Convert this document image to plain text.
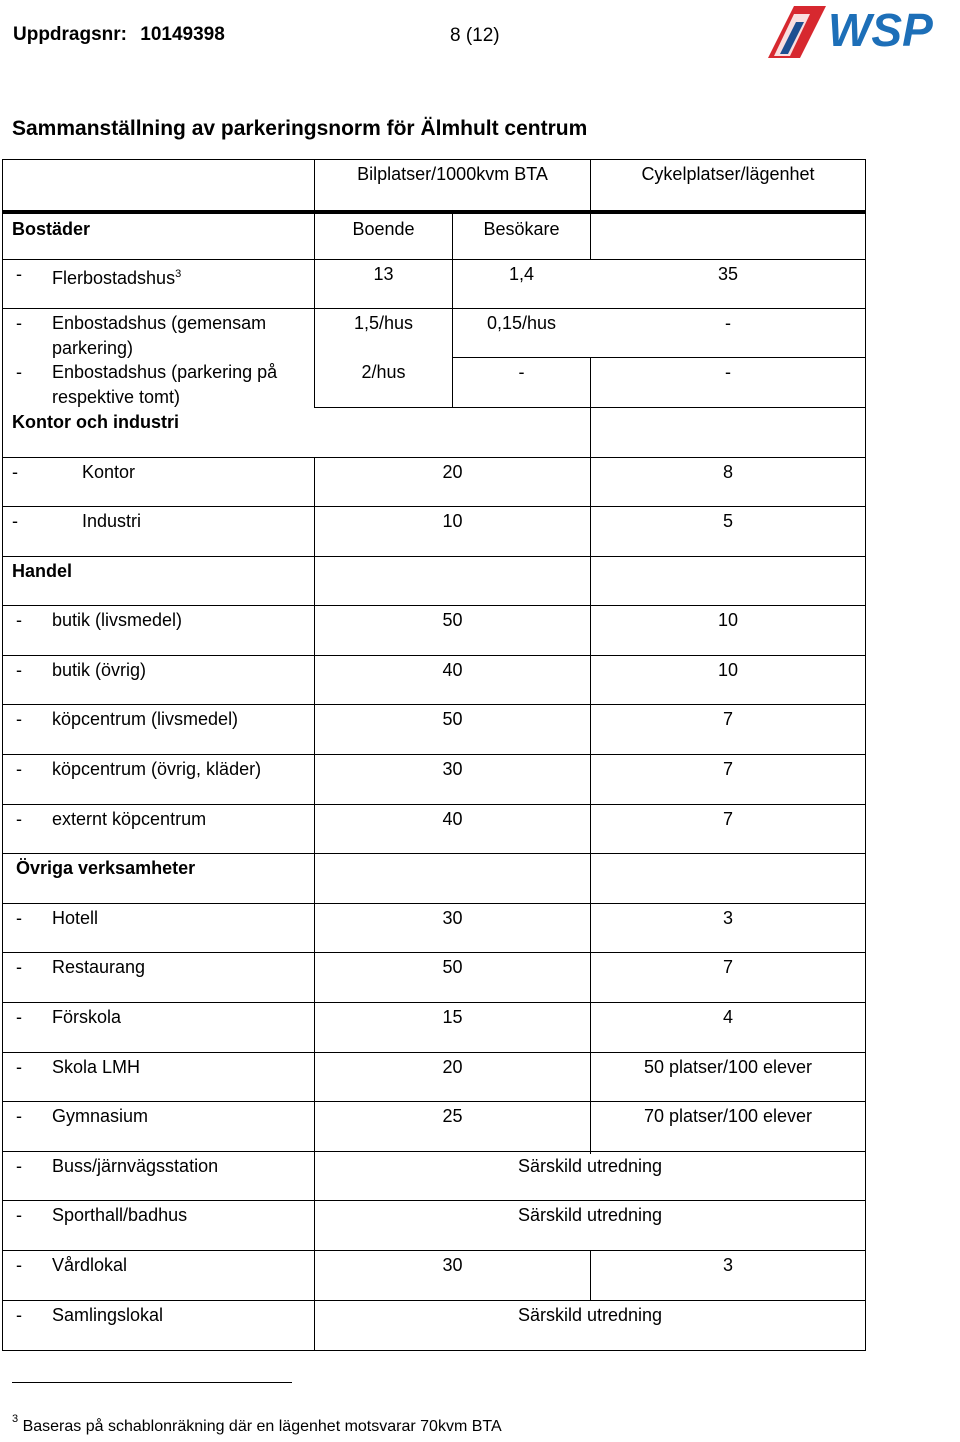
Uppdragsnr: 10149398	8 (12)	WSP
Sammanställning av parkeringsnorm för Älmhult centrum
Bilplatser/1000kvm BTA	Cykelplatser/lägenhet
Bostäder	Boende	Besökare
- Flerbostadshus$^3$	13	1,4	35
- Enbostadshus (gemensam
parkering)
1,5/hus	0,15/hus	-
- Enbostadshus (parkering på
respektive tomt)
2/hus	-	-
Kontor och industri
-	Kontor	20	8
-	Industri	10	5
Handel
- butik (livsmedel)	50	10
- butik (övrig)	40	10
- köpcentrum (livsmedel)	50	7
- köpcentrum (övrig, kläder)	30	7
- externt köpcentrum	40	7
Övriga verksamheter
- Hotell	30	3
- Restaurang	50	7
- Förskola	15	4
- Skola LMH	20	50 platser/100 elever
- Gymnasium	25	70 platser/100 elever
- Buss/järnvägsstation	Särskild utredning
- Sporthall/badhus	Särskild utredning
- Vårdlokal	30	3
- Samlingslokal	Särskild utredning
$^3$ Baseras på schablonräkning där en lägenhet motsvarar 70kvm BTA
